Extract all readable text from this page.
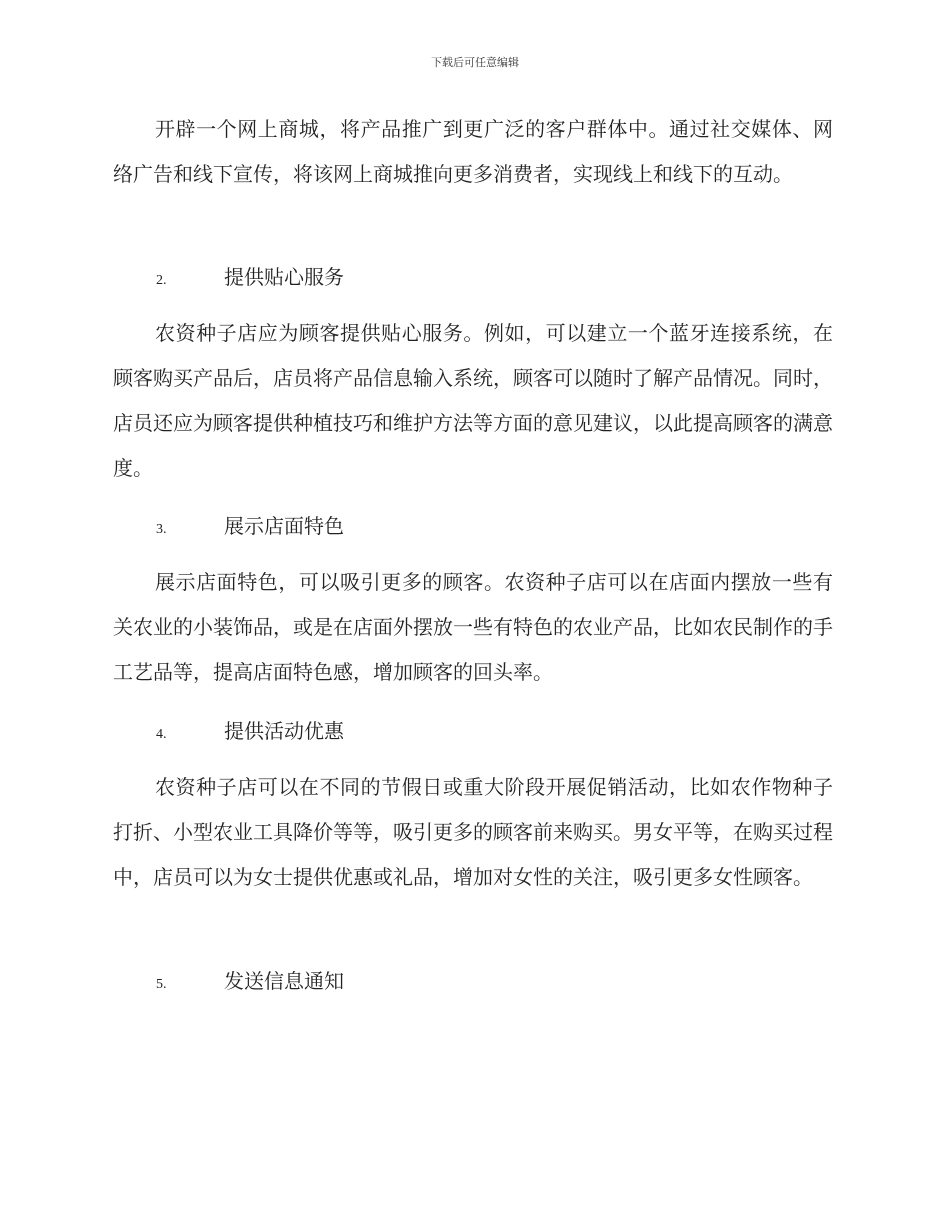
下载后可任意编辑

开辟一个网上商城，将产品推广到更广泛的客户群体中。通过社交媒体、网络广告和线下宣传，将该网上商城推向更多消费者，实现线上和线下的互动。

2.	提供贴心服务

农资种子店应为顾客提供贴心服务。例如，可以建立一个蓝牙连接系统，在顾客购买产品后，店员将产品信息输入系统，顾客可以随时了解产品情况。同时，店员还应为顾客提供种植技巧和维护方法等方面的意见建议，以此提高顾客的满意度。

3.	展示店面特色

展示店面特色，可以吸引更多的顾客。农资种子店可以在店面内摆放一些有关农业的小装饰品，或是在店面外摆放一些有特色的农业产品，比如农民制作的手工艺品等，提高店面特色感，增加顾客的回头率。

4.	提供活动优惠

农资种子店可以在不同的节假日或重大阶段开展促销活动，比如农作物种子打折、小型农业工具降价等等，吸引更多的顾客前来购买。男女平等，在购买过程中，店员可以为女士提供优惠或礼品，增加对女性的关注，吸引更多女性顾客。

5.	发送信息通知
